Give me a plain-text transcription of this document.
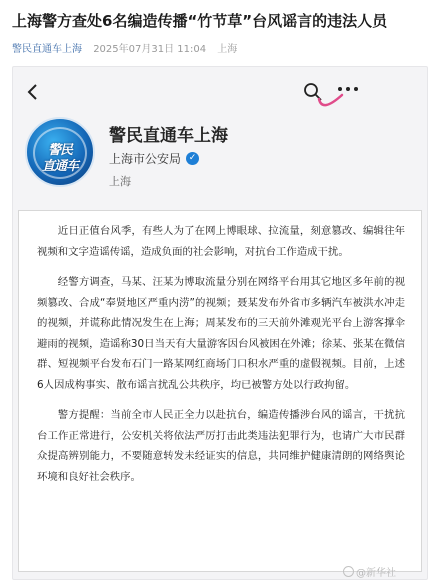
上海警方查处6名编造传播“竹节草”台风谣言的违法人员
警民直通车上海 2025年07月31日 11:04 上海
警民
直通车
警民直通车上海
上海市公安局 ✓
上海

近日正值台风季，有些人为了在网上博眼球、拉流量，刻意篡改、编辑往年视频和文字造谣传谣，造成负面的社会影响，对抗台工作造成干扰。

经警方调查，马某、汪某为博取流量分别在网络平台用其它地区多年前的视频篡改、合成“奉贤地区严重内涝”的视频；聂某发布外省市多辆汽车被洪水冲走的视频，并谎称此情况发生在上海；周某发布的三天前外滩观光平台上游客撑伞避雨的视频，造谣称30日当天有大量游客因台风被困在外滩；徐某、张某在微信群、短视频平台发布石门一路某网红商场门口积水严重的虚假视频。目前，上述6人因成构事实、散布谣言扰乱公共秩序，均已被警方处以行政拘留。

警方提醒：当前全市人民正全力以赴抗台，编造传播涉台风的谣言，干扰抗台工作正常进行，公安机关将依法严厉打击此类违法犯罪行为，也请广大市民群众提高辨别能力，不要随意转发未经证实的信息，共同维护健康清朗的网络舆论环境和良好社会秩序。

@新华社
